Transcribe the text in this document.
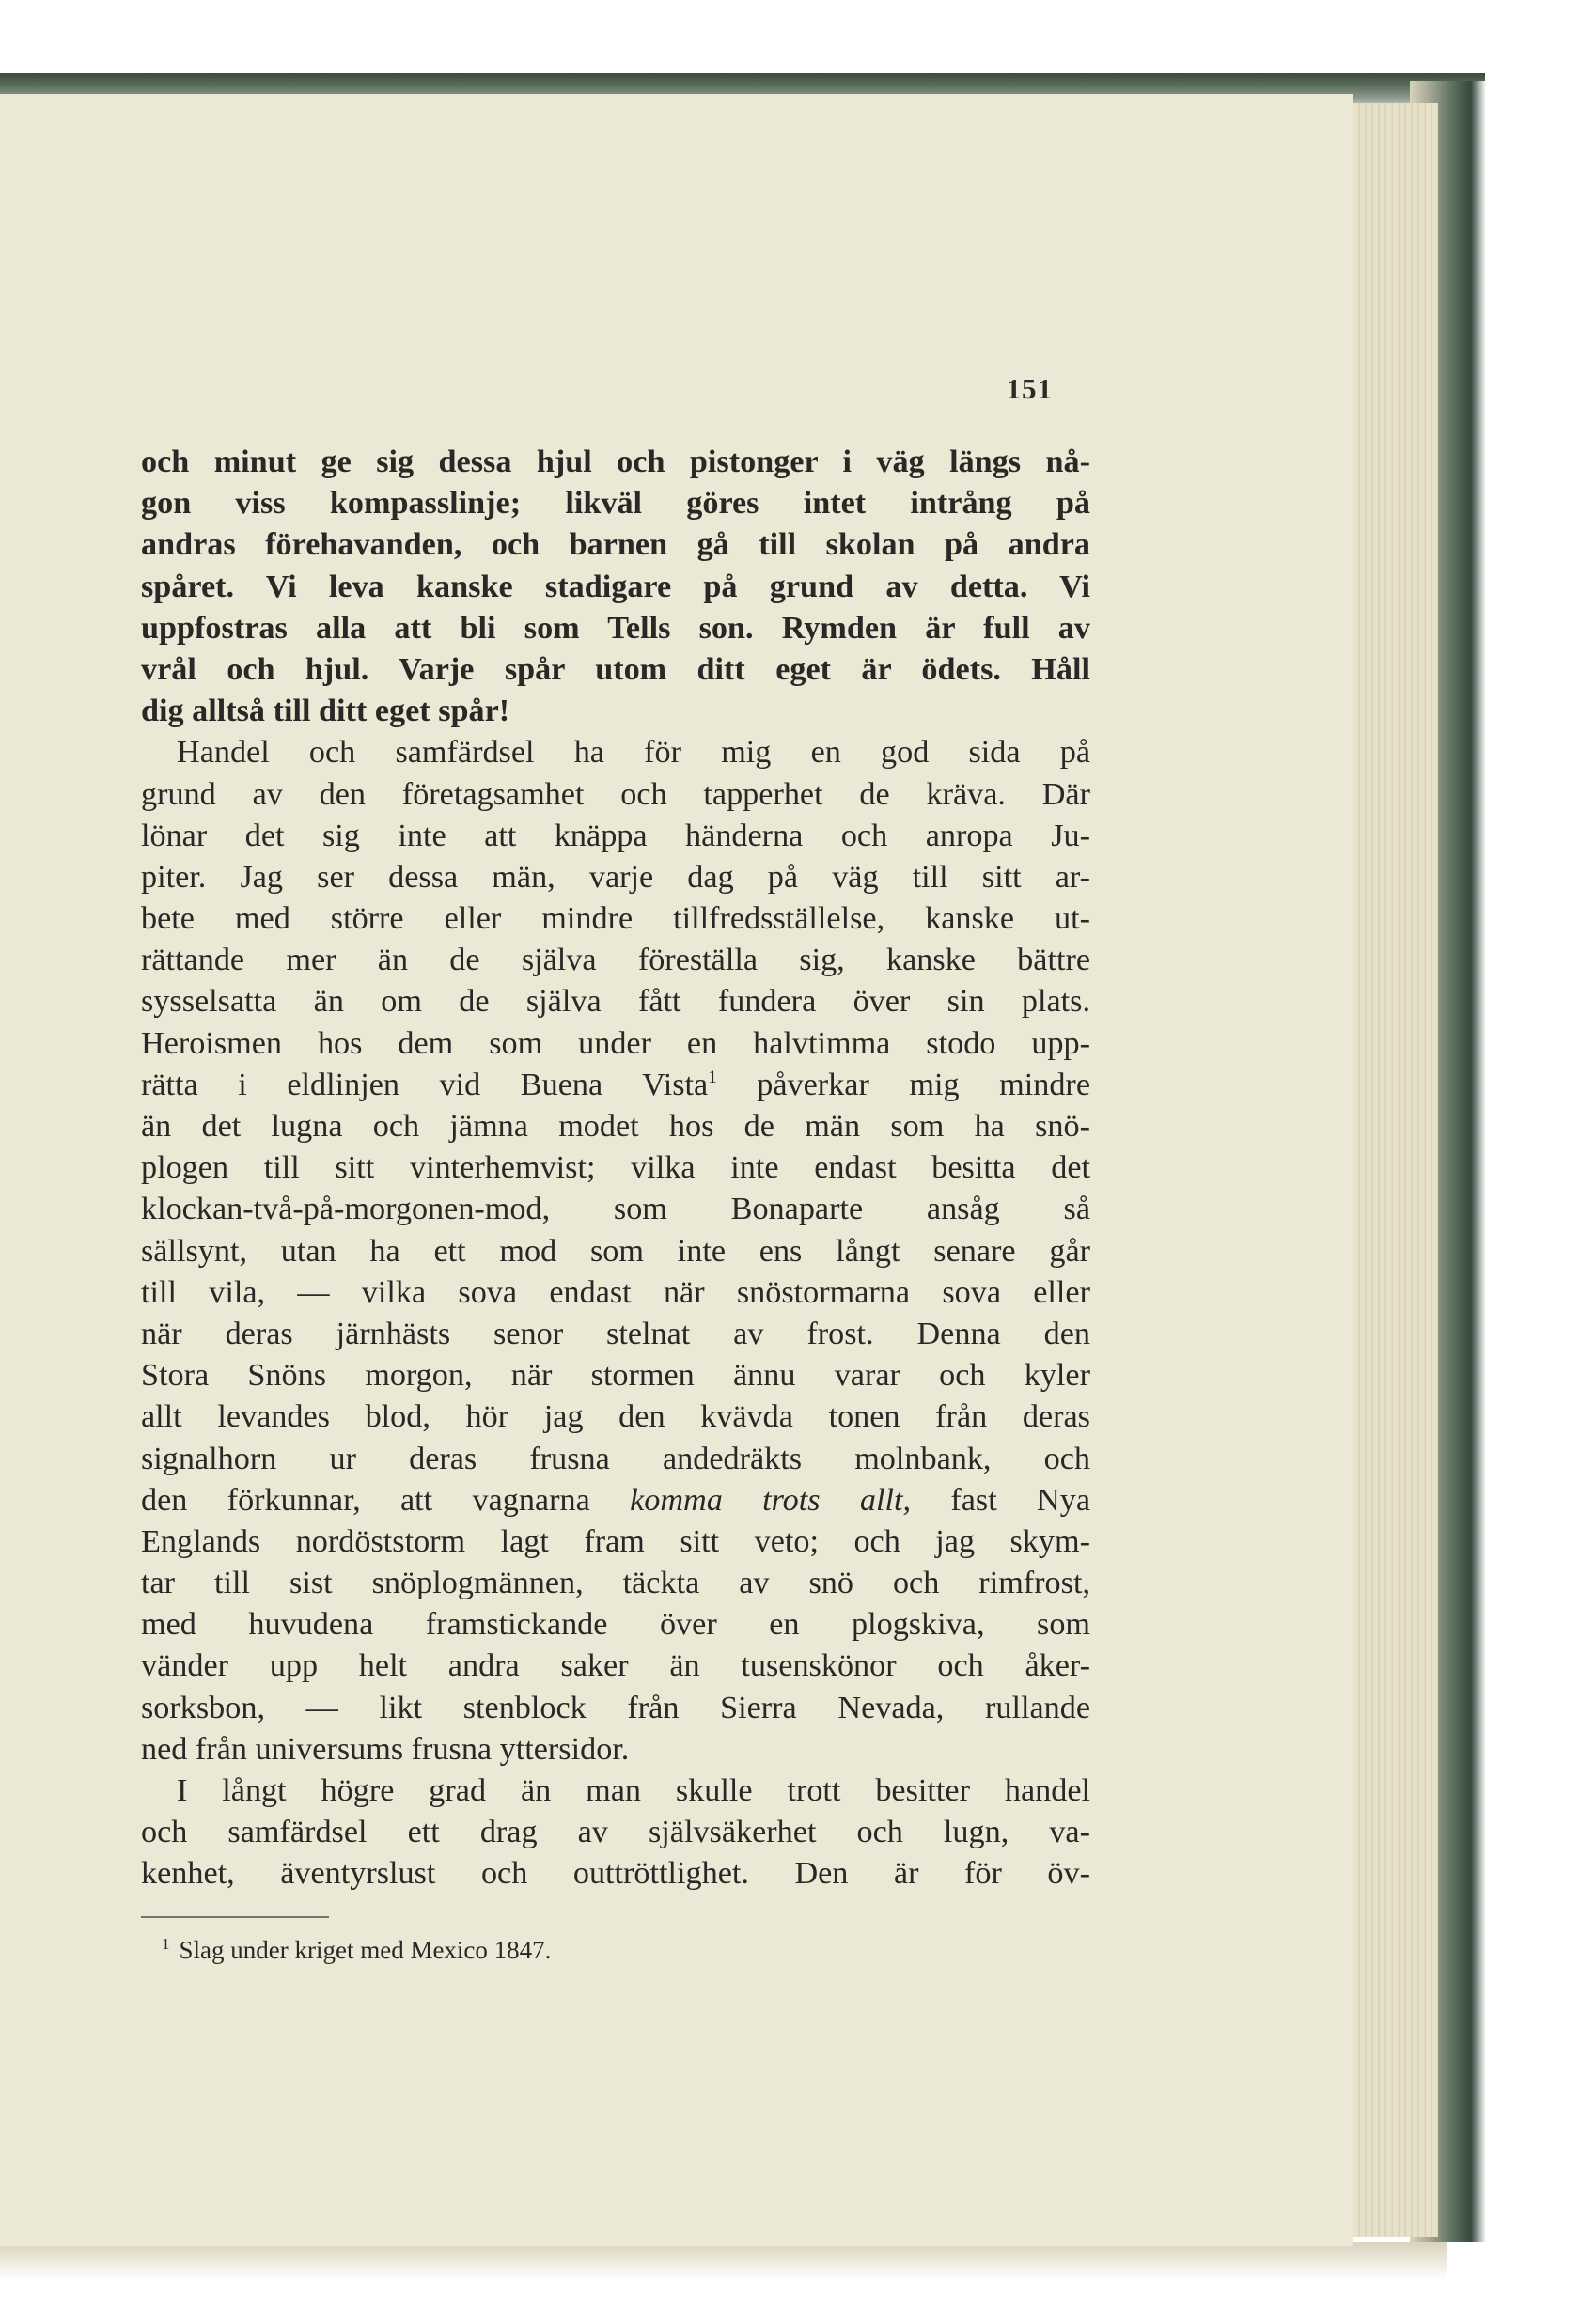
151
och minut ge sig dessa hjul och pistonger i väg längs nå-
gon viss kompasslinje; likväl göres intet intrång på
andras förehavanden, och barnen gå till skolan på andra
spåret. Vi leva kanske stadigare på grund av detta. Vi
uppfostras alla att bli som Tells son. Rymden är full av
vrål och hjul. Varje spår utom ditt eget är ödets. Håll
dig alltså till ditt eget spår!
Handel och samfärdsel ha för mig en god sida på
grund av den företagsamhet och tapperhet de kräva. Där
lönar det sig inte att knäppa händerna och anropa Ju-
piter. Jag ser dessa män, varje dag på väg till sitt ar-
bete med större eller mindre tillfredsställelse, kanske ut-
rättande mer än de själva föreställa sig, kanske bättre
sysselsatta än om de själva fått fundera över sin plats.
Heroismen hos dem som under en halvtimma stodo upp-
rätta i eldlinjen vid Buena Vista$^1$ påverkar mig mindre
än det lugna och jämna modet hos de män som ha snö-
plogen till sitt vinterhemvist; vilka inte endast besitta det
klockan-två-på-morgonen-mod, som Bonaparte ansåg så
sällsynt, utan ha ett mod som inte ens långt senare går
till vila, — vilka sova endast när snöstormarna sova eller
när deras järnhästs senor stelnat av frost. Denna den
Stora Snöns morgon, när stormen ännu varar och kyler
allt levandes blod, hör jag den kvävda tonen från deras
signalhorn ur deras frusna andedräkts molnbank, och
den förkunnar, att vagnarna komma trots allt, fast Nya
Englands nordöststorm lagt fram sitt veto; och jag skym-
tar till sist snöplogmännen, täckta av snö och rimfrost,
med huvudena framstickande över en plogskiva, som
vänder upp helt andra saker än tusenskönor och åker-
sorksbon, — likt stenblock från Sierra Nevada, rullande
ned från universums frusna yttersidor.
I långt högre grad än man skulle trott besitter handel
och samfärdsel ett drag av självsäkerhet och lugn, va-
kenhet, äventyrslust och outtröttlighet. Den är för öv-
$^1$ Slag under kriget med Mexico 1847.
